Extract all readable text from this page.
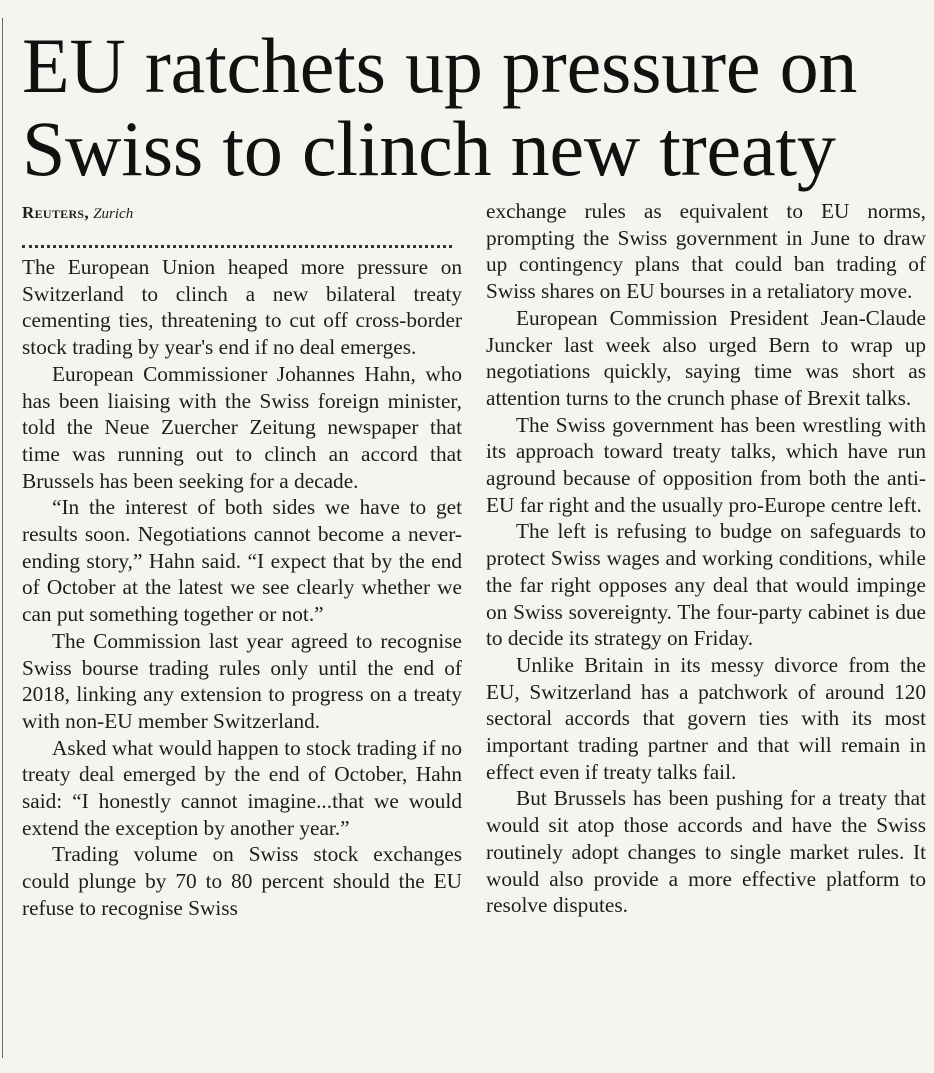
EU ratchets up pressure on
Swiss to clinch new treaty

Reuters, Zurich

The European Union heaped more pressure on Switzerland to clinch a new bilateral treaty cementing ties, threatening to cut off cross-border stock trading by year's end if no deal emerges.

European Commissioner Johannes Hahn, who has been liaising with the Swiss foreign minister, told the Neue Zuercher Zeitung newspaper that time was running out to clinch an accord that Brussels has been seeking for a decade.

“In the interest of both sides we have to get results soon. Negotiations cannot become a never-ending story,” Hahn said. “I expect that by the end of October at the latest we see clearly whether we can put something together or not.”

The Commission last year agreed to recognise Swiss bourse trading rules only until the end of 2018, linking any extension to progress on a treaty with non-EU member Switzerland.

Asked what would happen to stock trading if no treaty deal emerged by the end of October, Hahn said: “I honestly cannot imagine...that we would extend the exception by another year.”

Trading volume on Swiss stock exchanges could plunge by 70 to 80 percent should the EU refuse to recognise Swiss

exchange rules as equivalent to EU norms, prompting the Swiss government in June to draw up contingency plans that could ban trading of Swiss shares on EU bourses in a retaliatory move.

European Commission President Jean-Claude Juncker last week also urged Bern to wrap up negotiations quickly, saying time was short as attention turns to the crunch phase of Brexit talks.

The Swiss government has been wrestling with its approach toward treaty talks, which have run aground because of opposition from both the anti-EU far right and the usually pro-Europe centre left.

The left is refusing to budge on safeguards to protect Swiss wages and working conditions, while the far right opposes any deal that would impinge on Swiss sovereignty. The four-party cabinet is due to decide its strategy on Friday.

Unlike Britain in its messy divorce from the EU, Switzerland has a patchwork of around 120 sectoral accords that govern ties with its most important trading partner and that will remain in effect even if treaty talks fail.

But Brussels has been pushing for a treaty that would sit atop those accords and have the Swiss routinely adopt changes to single market rules. It would also provide a more effective platform to resolve disputes.
